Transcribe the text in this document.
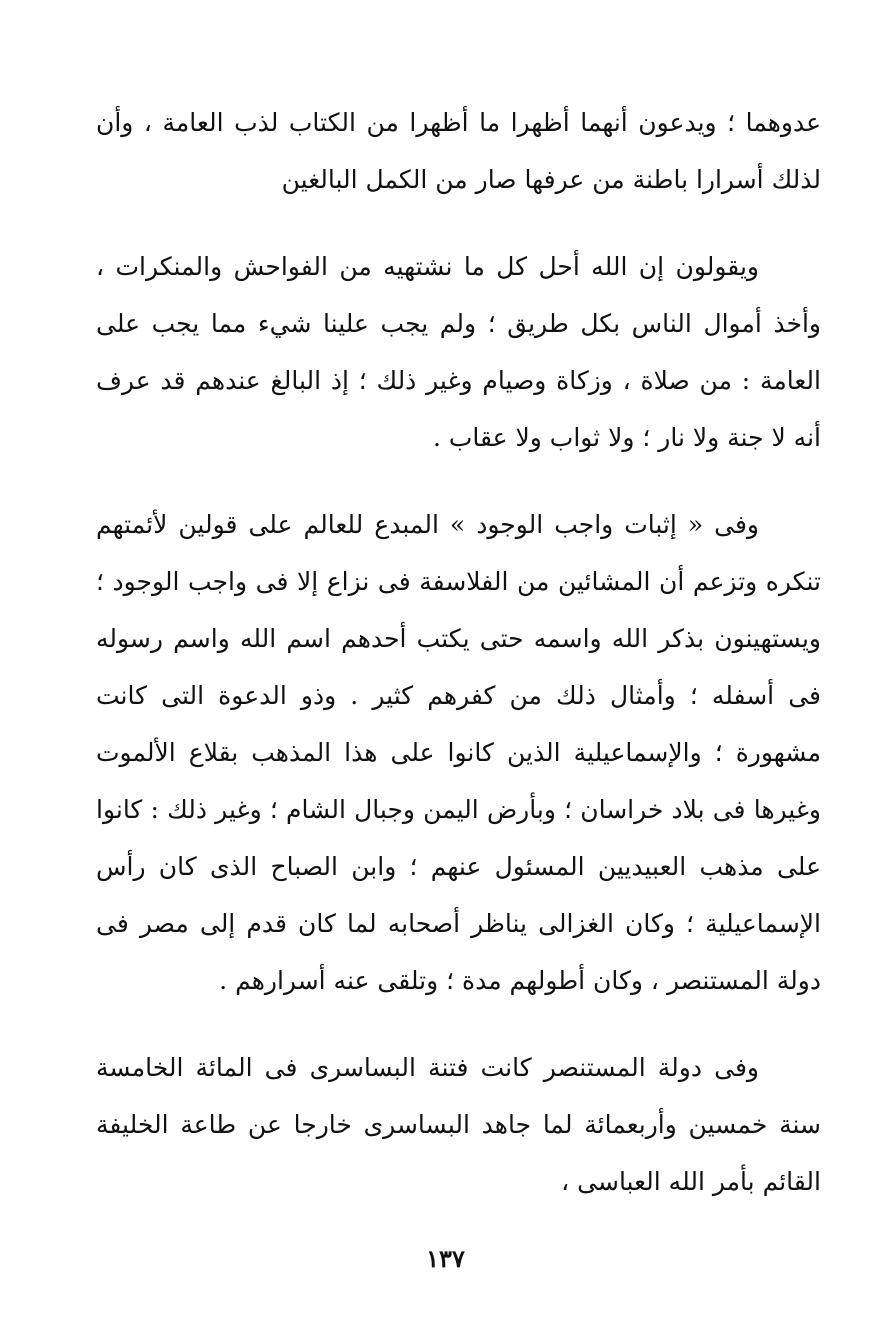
عدوهما ؛ ويدعون أنهما أظهرا ما أظهرا من الكتاب لذب العامة ، وأن لذلك أسرارا باطنة من عرفها صار من الكمل البالغين

ويقولون إن الله أحل كل ما نشتهيه من الفواحش والمنكرات ، وأخذ أموال الناس بكل طريق ؛ ولم يجب علينا شيء مما يجب على العامة : من صلاة ، وزكاة وصيام وغير ذلك ؛ إذ البالغ عندهم قد عرف أنه لا جنة ولا نار ؛ ولا ثواب ولا عقاب .

وفى « إثبات واجب الوجود » المبدع للعالم على قولين لأئمتهم تنكره وتزعم أن المشائين من الفلاسفة فى نزاع إلا فى واجب الوجود ؛ ويستهينون بذكر الله واسمه حتى يكتب أحدهم اسم الله واسم رسوله فى أسفله ؛ وأمثال ذلك من كفرهم كثير . وذو الدعوة التى كانت مشهورة ؛ والإسماعيلية الذين كانوا على هذا المذهب بقلاع الألموت وغيرها فى بلاد خراسان ؛ وبأرض اليمن وجبال الشام ؛ وغير ذلك : كانوا على مذهب العبيديين المسئول عنهم ؛ وابن الصباح الذى كان رأس الإسماعيلية ؛ وكان الغزالى يناظر أصحابه لما كان قدم إلى مصر فى دولة المستنصر ، وكان أطولهم مدة ؛ وتلقى عنه أسرارهم .

وفى دولة المستنصر كانت فتنة البساسرى فى المائة الخامسة سنة خمسين وأربعمائة لما جاهد البساسرى خارجا عن طاعة الخليفة القائم بأمر الله العباسى ،

١٣٧
